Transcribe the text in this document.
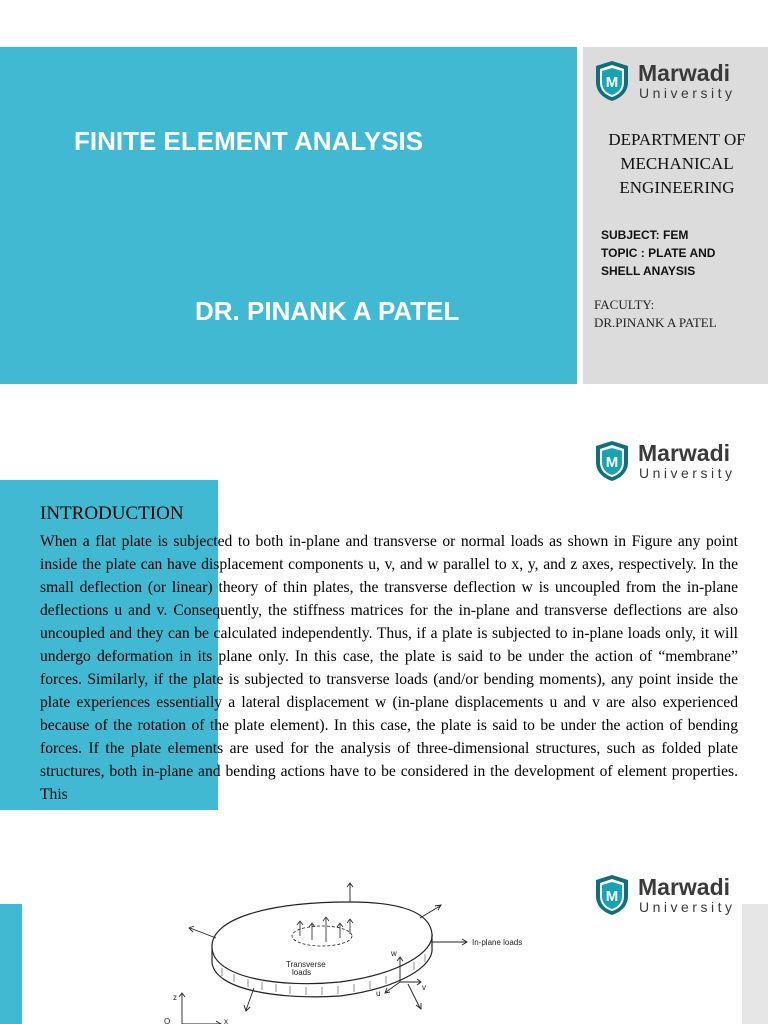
M Marwadi
University
FINITE ELEMENT ANALYSIS
DR. PINANK A PATEL
DEPARTMENT OF
MECHANICAL
ENGINEERING
SUBJECT: FEM
TOPIC : PLATE AND
SHELL ANAYSIS
FACULTY:
DR.PINANK A PATEL
M Marwadi
University
INTRODUCTION

When a flat plate is subjected to both in-plane and transverse or normal loads as shown in Figure any point inside the plate can have displacement components u, v, and w parallel to x, y, and z axes, respectively. In the small deflection (or linear) theory of thin plates, the transverse deflection w is uncoupled from the in-plane deflections u and v. Consequently, the stiffness matrices for the in-plane and transverse deflections are also uncoupled and they can be calculated independently. Thus, if a plate is subjected to in-plane loads only, it will undergo deformation in its plane only. In this case, the plate is said to be under the action of “membrane” forces. Similarly, if the plate is subjected to transverse loads (and/or bending moments), any point inside the plate experiences essentially a lateral displacement w (in-plane displacements u and v are also experienced because of the rotation of the plate element). In this case, the plate is said to be under the action of bending forces. If the plate elements are used for the analysis of three-dimensional structures, such as folded plate structures, both in-plane and bending actions have to be considered in the development of element properties. This

M Marwadi
University
Transverse
loads
In-plane loads
w
v
u
z
O	x
